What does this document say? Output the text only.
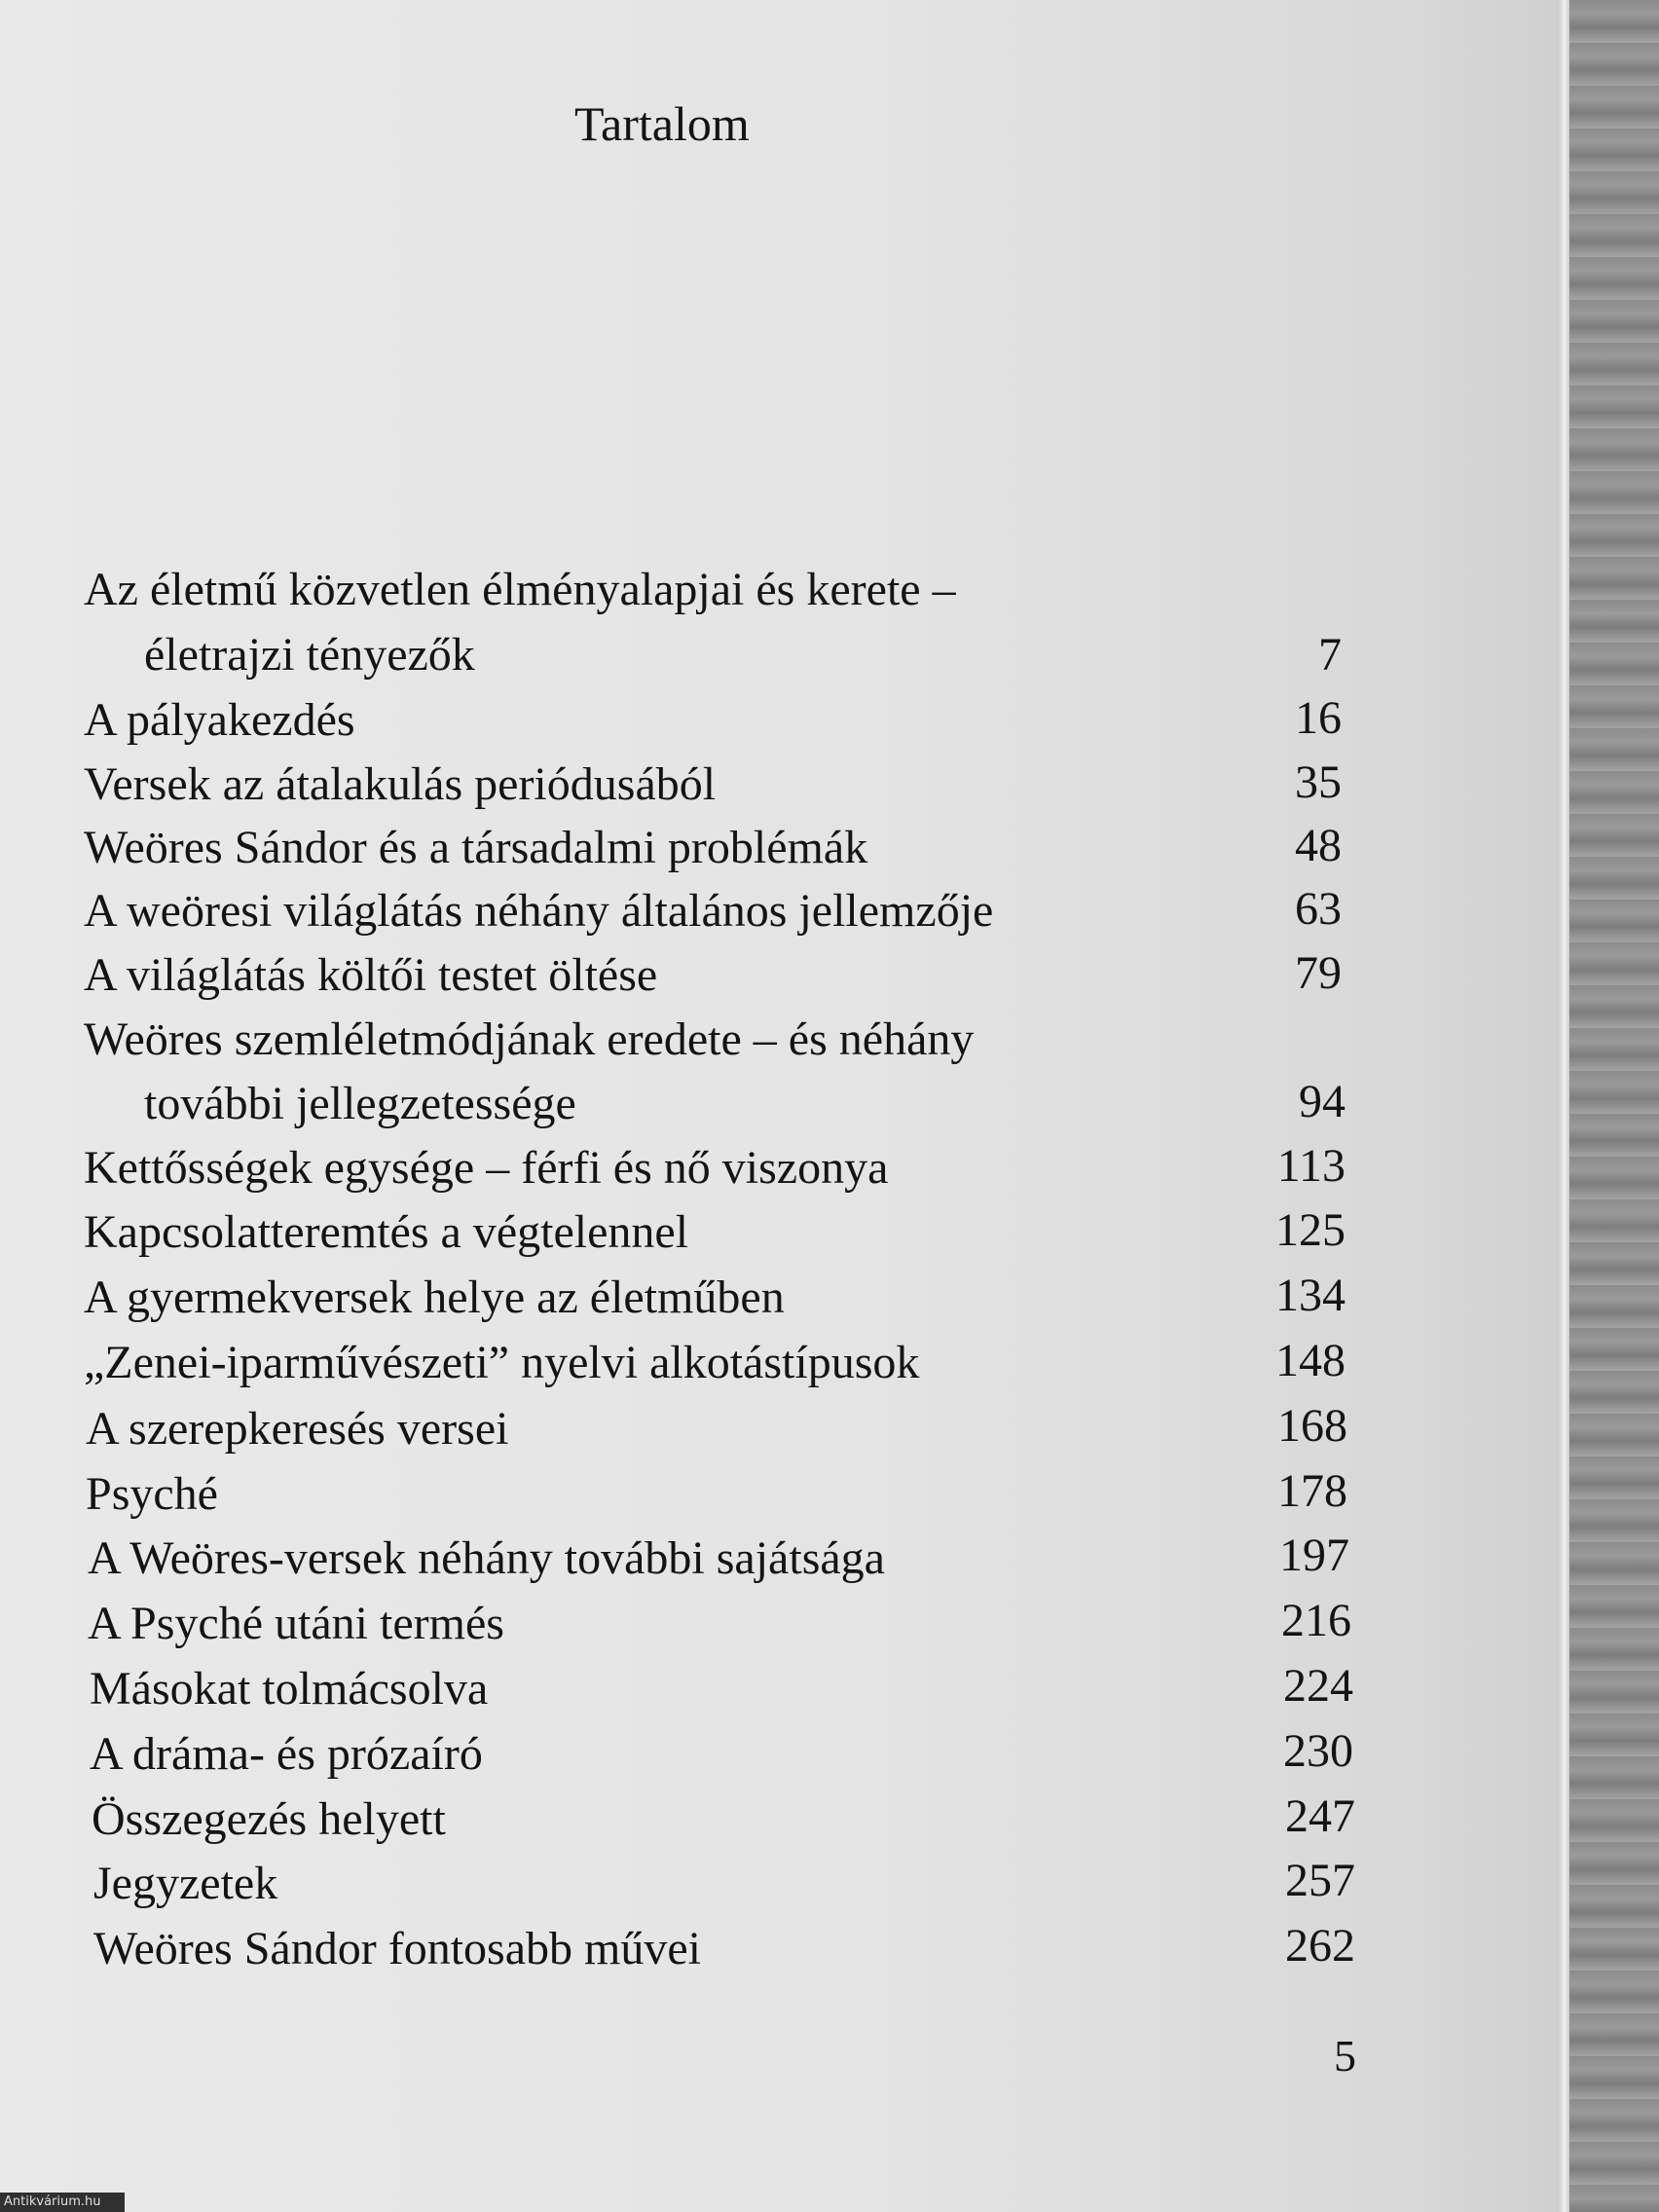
Tartalom
Az életmű közvetlen élményalapjai és kerete –
életrajzi tényezők	7
A pályakezdés	16
Versek az átalakulás periódusából	35
Weöres Sándor és a társadalmi problémák	48
A weöresi világlátás néhány általános jellemzője	63
A világlátás költői testet öltése	79
Weöres szemléletmódjának eredete – és néhány
további jellegzetessége	94
Kettősségek egysége – férfi és nő viszonya	113
Kapcsolatteremtés a végtelennel	125
A gyermekversek helye az életműben	134
„Zenei-iparművészeti” nyelvi alkotástípusok	148
A szerepkeresés versei	168
Psyché	178
A Weöres-versek néhány további sajátsága	197
A Psyché utáni termés	216
Másokat tolmácsolva	224
A dráma- és prózaíró	230
Összegezés helyett	247
Jegyzetek	257
Weöres Sándor fontosabb művei	262
5
Antikvárium.hu
